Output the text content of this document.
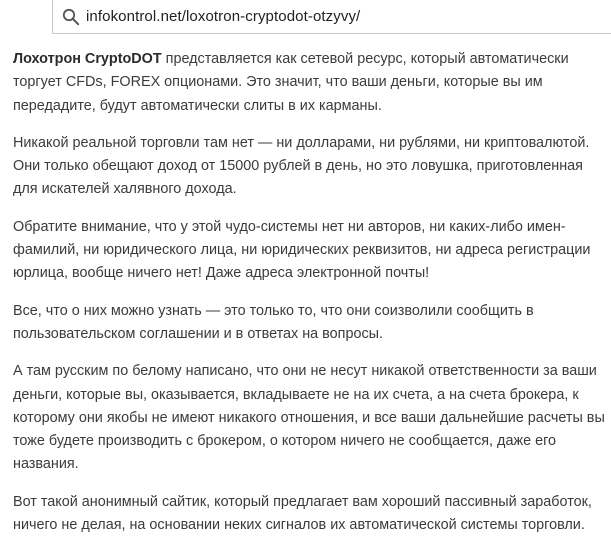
infokontrol.net/loxotron-cryptodot-otzyvy/

Лохотрон CryptoDOT представляется как сетевой ресурс, который автоматически торгует CFDs, FOREX опционами. Это значит, что ваши деньги, которые вы им передадите, будут автоматически слиты в их карманы.

Никакой реальной торговли там нет — ни долларами, ни рублями, ни криптовалютой. Они только обещают доход от 15000 рублей в день, но это ловушка, приготовленная для искателей халявного дохода.

Обратите внимание, что у этой чудо-системы нет ни авторов, ни каких-либо имен-фамилий, ни юридического лица, ни юридических реквизитов, ни адреса регистрации юрлица, вообще ничего нет! Даже адреса электронной почты!

Все, что о них можно узнать — это только то, что они соизволили сообщить в пользовательском соглашении и в ответах на вопросы.

А там русским по белому написано, что они не несут никакой ответственности за ваши деньги, которые вы, оказывается, вкладываете не на их счета, а на счета брокера, к которому они якобы не имеют никакого отношения, и все ваши дальнейшие расчеты вы тоже будете производить с брокером, о котором ничего не сообщается, даже его названия.

Вот такой анонимный сайтик, который предлагает вам хороший пассивный заработок, ничего не делая, на основании неких сигналов их автоматической системы торговли.
